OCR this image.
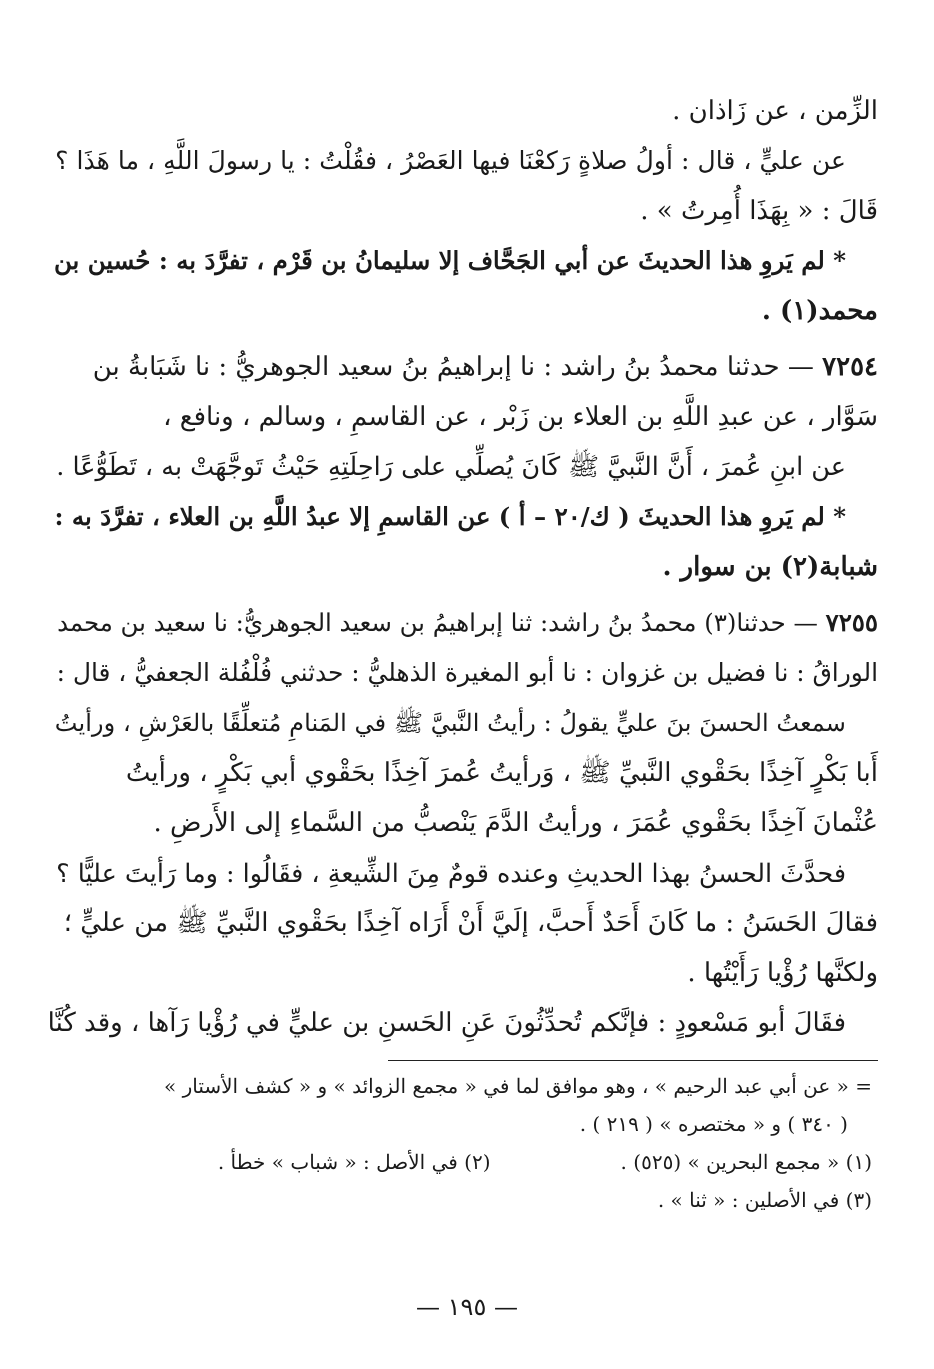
الزِّمن ، عن زَاذان .
عن عليٍّ ، قال : أولُ صلاةٍ رَكعْنَا فيها العَصْرُ ، فقُلْتُ : يا رسولَ اللَّهِ ، ما هَذَا ؟
قَالَ : « بِهَذَا أُمِرتُ » .
* لم يَروِ هذا الحديثَ عن أبي الجَحَّاف إلا سليمانُ بن قَرْم ، تفرَّدَ به : حُسين بن
محمد(١) .
٧٢٥٤ — حدثنا محمدُ بنُ راشد : نا إبراهيمُ بنُ سعيد الجوهريُّ : نا شَبَابةُ بن
سَوَّار ، عن عبدِ اللَّهِ بن العلاء بن زَبْر ، عن القاسمِ ، وسالم ، ونافع ،
عن ابنِ عُمرَ ، أَنَّ النَّبيَّ ﷺ كَانَ يُصلِّي على رَاحِلَتِهِ حَيْثُ تَوجَّهَتْ به ، تَطَوُّعًا .
* لم يَروِ هذا الحديثَ ( ك/٢٠ – أ ) عن القاسمِ إلا عبدُ اللَّهِ بن العلاء ، تفرَّدَ به :
شبابة(٢) بن سوار .
٧٢٥٥ — حدثنا(٣) محمدُ بنُ راشد: ثنا إبراهيمُ بن سعيد الجوهريُّ: نا سعيد بن محمد
الوراقُ : نا فضيل بن غزوان : نا أبو المغيرة الذهليُّ : حدثني فُلْفُلة الجعفيُّ ، قال :
سمعتُ الحسنَ بنَ عليٍّ يقولُ : رأيتُ النَّبيَّ ﷺ في المَنامِ مُتعلِّقًا بالعَرْشِ ، ورأيتُ
أَبا بَكْرٍ آخِذًا بحَقْوي النَّبيِّ ﷺ ، وَرأيتُ عُمرَ آخِذًا بحَقْوي أبي بَكْرٍ ، ورأيتُ
عُثْمانَ آخِذًا بحَقْوي عُمَرَ ، ورأيتُ الدَّمَ يَنْصبُّ من السَّماءِ إلى الأَرضِ .
فحدَّثَ الحسنُ بهذا الحديثِ وعنده قومٌ مِنَ الشِّيعةِ ، فقَالُوا : وما رَأيتَ عليًّا ؟
فقالَ الحَسَنُ : ما كَانَ أَحَدٌ أَحبَّ، إلَيَّ أَنْ أَرَاه آخِذًا بحَقْوي النَّبيِّ ﷺ من عليٍّ ؛
ولكنَّها رُؤْيا رَأَيْتُها .
فقَالَ أبو مَسْعودٍ : فإنَّكم تُحدِّثُونَ عَنِ الحَسنِ بن عليٍّ في رُؤْيا رَآها ، وقد كُنَّا
= « عن أبي عبد الرحيم » ، وهو موافق لما في « مجمع الزوائد » و « كشف الأستار »
( ٣٤٠ ) و « مختصره » ( ٢١٩ ) .
(١) « مجمع البحرين » (٥٢٥) .
(٢) في الأصل : « شباب » خطأ .
(٣) في الأصلين : « ثنا » .
— ١٩٥ —
